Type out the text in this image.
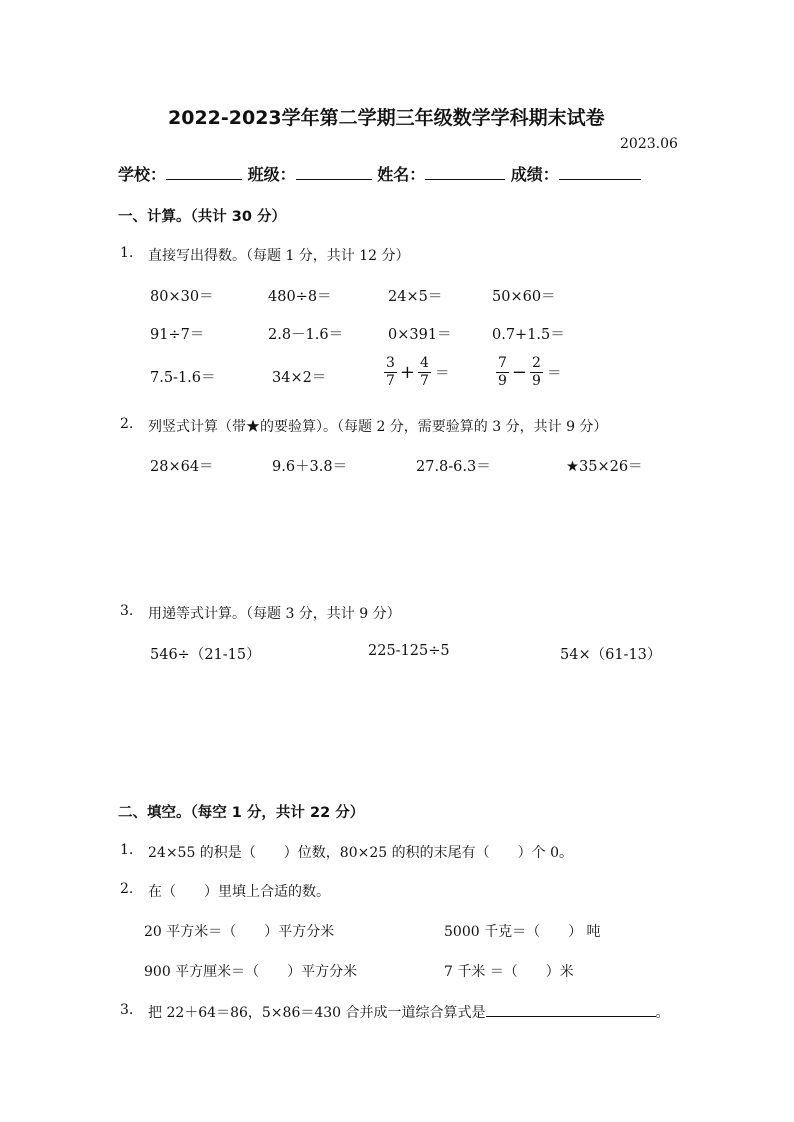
2022-2023学年第二学期三年级数学学科期末试卷
2023.06
学校：	班级：	姓名：	成绩：
一、计算。（共计 30 分）
1. 直接写出得数。（每题 1 分，共计 12 分）
80×30＝	480÷8＝	24×5＝	50×60＝
91÷7＝	2.8－1.6＝	0×391＝	0.7+1.5＝
7.5-1.6＝	34×2＝	$\frac{3}{7} + \frac{4}{7}$ ＝	$\frac{7}{9} - \frac{2}{9}$ ＝
2. 列竖式计算（带★的要验算）。（每题 2 分，需要验算的 3 分，共计 9 分）
28×64＝	9.6＋3.8＝	27.8-6.3＝	★35×26＝
3. 用递等式计算。（每题 3 分，共计 9 分）
546÷（21-15）	225-125÷5	54×（61-13）
二、填空。（每空 1 分，共计 22 分）
1. 24×55 的积是（　　）位数，80×25 的积的末尾有（　　）个 0。
2. 在（　　）里填上合适的数。
20 平方米＝（　　）平方分米	5000 千克＝（　　） 吨
900 平方厘米＝（　　）平方分米	7 千米 ＝（　　）米
3. 把 22＋64＝86，5×86＝430 合并成一道综合算式是	。
